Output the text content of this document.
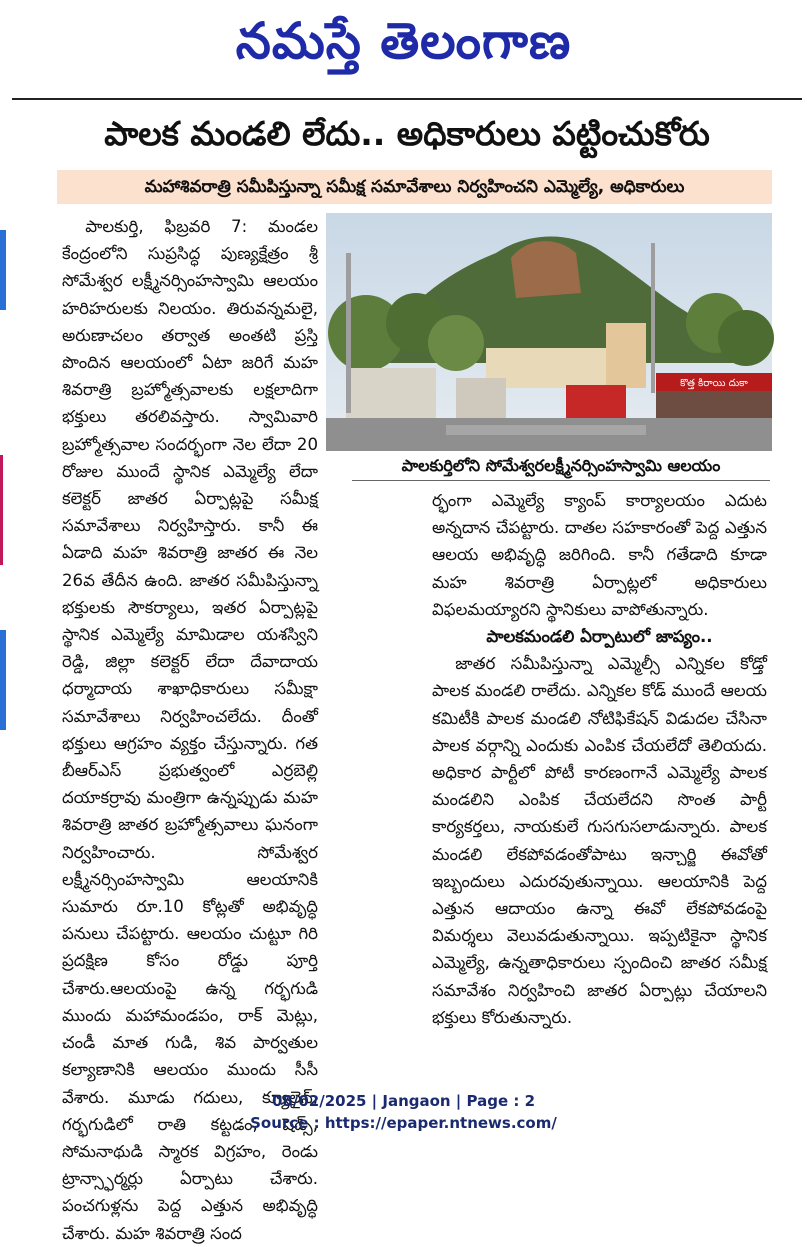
నమస్తే తెలంగాణ
పాలక మండలి లేదు.. అధికారులు పట్టించుకోరు
మహాశివరాత్రి సమీపిస్తున్నా సమీక్ష సమావేశాలు నిర్వహించని ఎమ్మెల్యే, అధికారులు

పాలకుర్తి, ఫిబ్రవరి 7: మండల కేంద్రంలోని సుప్రసిద్ధ పుణ్యక్షేత్రం శ్రీ సోమేశ్వర లక్ష్మీనర్సింహస్వామి ఆలయం హరిహరులకు నిలయం. తిరువన్నమలై, అరుణాచలం తర్వాత అంతటి ప్రస్తి పొందిన ఆలయంలో ఏటా జరిగే మహ శివరాత్రి బ్రహ్మోత్సవాలకు లక్షలాదిగా భక్తులు తరలివస్తారు. స్వామివారి బ్రహ్మోత్సవాల సందర్భంగా నెల లేదా 20 రోజుల ముందే స్థానిక ఎమ్మెల్యే లేదా కలెక్టర్ జాతర ఏర్పాట్లపై సమీక్ష సమావేశాలు నిర్వహిస్తారు. కానీ ఈ ఏడాది మహ శివరాత్రి జాతర ఈ నెల 26వ తేదీన ఉంది. జాతర సమీపిస్తున్నా భక్తులకు సౌకర్యాలు, ఇతర ఏర్పాట్లపై స్థానిక ఎమ్మెల్యే మామిడాల యశస్విని రెడ్డి, జిల్లా కలెక్టర్ లేదా దేవాదాయ ధర్మాదాయ శాఖాధికారులు సమీక్షా సమావేశాలు నిర్వహించలేదు. దీంతో భక్తులు ఆగ్రహం వ్యక్తం చేస్తున్నారు. గత బీఆర్ఎస్ ప్రభుత్వంలో ఎర్రబెల్లి దయాకర్రావు మంత్రిగా ఉన్నప్పుడు మహ శివరాత్రి జాతర బ్రహ్మోత్సవాలు ఘనంగా నిర్వహించారు. సోమేశ్వర లక్ష్మీనర్సింహస్వామి ఆలయానికి సుమారు రూ.10 కోట్లతో అభివృద్ధి పనులు చేపట్టారు. ఆలయం చుట్టూ గిరి ప్రదక్షిణ కోసం రోడ్డు పూర్తి చేశారు.ఆలయంపై ఉన్న గర్భగుడి ముందు మహామండపం, రాక్ మెట్లు, చండీ మాత గుడి, శివ పార్వతుల కల్యాణానికి ఆలయం ముందు సీసీ వేశారు. మూడు గదులు, క్యూలైన్, గర్భగుడిలో రాతి కట్టడం, షెడ్స్, సోమనాథుడి స్మారక విగ్రహం, రెండు ట్రాన్స్ఫార్మర్లు ఏర్పాటు చేశారు. పంచగుళ్లను పెద్ద ఎత్తున అభివృద్ధి చేశారు. మహ శివరాత్రి సంద

కొత్త కిరాయి దుకా
పాలకుర్తిలోని సోమేశ్వరలక్ష్మీనర్సింహస్వామి ఆలయం

ర్భంగా ఎమ్మెల్యే క్యాంప్ కార్యాలయం ఎదుట అన్నదాన చేపట్టారు. దాతల సహకారంతో పెద్ద ఎత్తున ఆలయ అభివృద్ధి జరిగింది. కానీ గతేడాది కూడా మహ శివరాత్రి ఏర్పాట్లలో అధికారులు విఫలమయ్యారని స్థానికులు వాపోతున్నారు.

పాలకమండలి ఏర్పాటులో జాప్యం..

జాతర సమీపిస్తున్నా ఎమ్మెల్సీ ఎన్నికల కోడ్తో పాలక మండలి రాలేదు. ఎన్నికల కోడ్ ముందే ఆలయ కమిటీకి పాలక మండలి నోటిఫికేషన్ విడుదల చేసినా పాలక వర్గాన్ని ఎందుకు ఎంపిక చేయలేదో తెలియదు. అధికార పార్టీలో పోటీ కారణంగానే ఎమ్మెల్యే పాలక మండలిని ఎంపిక చేయలేదని సొంత పార్టీ కార్యకర్తలు, నాయకులే గుసగుసలాడున్నారు. పాలక మండలి లేకపోవడంతోపాటు ఇన్చార్జి ఈవోతో ఇబ్బందులు ఎదురవుతున్నాయి. ఆలయానికి పెద్ద ఎత్తున ఆదాయం ఉన్నా ఈవో లేకపోవడంపై విమర్శలు వెలువడుతున్నాయి. ఇప్పటికైనా స్థానిక ఎమ్మెల్యే, ఉన్నతాధికారులు స్పందించి జాతర సమీక్ష సమావేశం నిర్వహించి జాతర ఏర్పాట్లు చేయాలని భక్తులు కోరుతున్నారు.

08/02/2025 | Jangaon | Page : 2
Source : https://epaper.ntnews.com/
